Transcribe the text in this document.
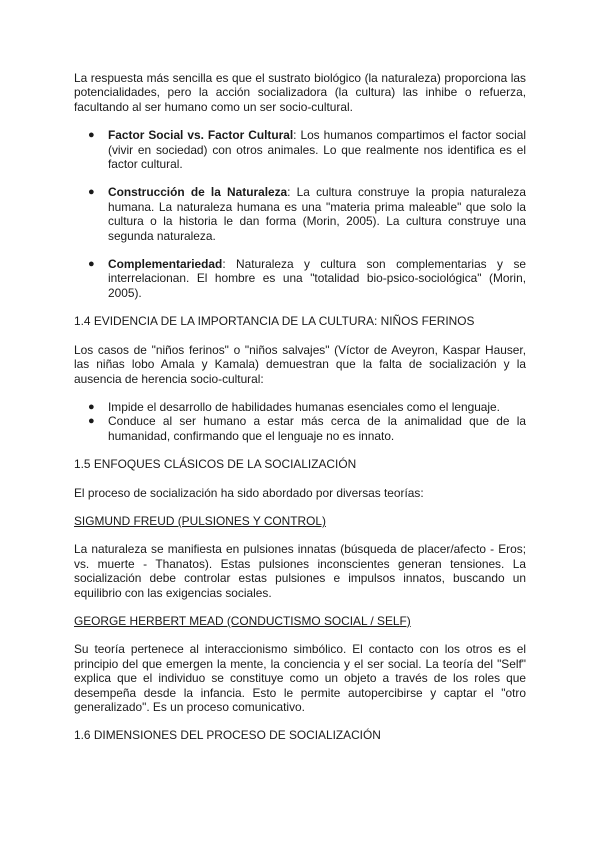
La respuesta más sencilla es que el sustrato biológico (la naturaleza) proporciona las potencialidades, pero la acción socializadora (la cultura) las inhibe o refuerza, facultando al ser humano como un ser socio-cultural.

● Factor Social vs. Factor Cultural: Los humanos compartimos el factor social (vivir en sociedad) con otros animales. Lo que realmente nos identifica es el factor cultural.
● Construcción de la Naturaleza: La cultura construye la propia naturaleza humana. La naturaleza humana es una "materia prima maleable" que solo la cultura o la historia le dan forma (Morin, 2005). La cultura construye una segunda naturaleza.
● Complementariedad: Naturaleza y cultura son complementarias y se interrelacionan. El hombre es una "totalidad bio-psico-sociológica" (Morin, 2005).

1.4 EVIDENCIA DE LA IMPORTANCIA DE LA CULTURA: NIÑOS FERINOS

Los casos de "niños ferinos" o "niños salvajes" (Víctor de Aveyron, Kaspar Hauser, las niñas lobo Amala y Kamala) demuestran que la falta de socialización y la ausencia de herencia socio-cultural:

● Impide el desarrollo de habilidades humanas esenciales como el lenguaje.
● Conduce al ser humano a estar más cerca de la animalidad que de la humanidad, confirmando que el lenguaje no es innato.

1.5 ENFOQUES CLÁSICOS DE LA SOCIALIZACIÓN

El proceso de socialización ha sido abordado por diversas teorías:

SIGMUND FREUD (PULSIONES Y CONTROL)

La naturaleza se manifiesta en pulsiones innatas (búsqueda de placer/afecto - Eros; vs. muerte - Thanatos). Estas pulsiones inconscientes generan tensiones. La socialización debe controlar estas pulsiones e impulsos innatos, buscando un equilibrio con las exigencias sociales.

GEORGE HERBERT MEAD (CONDUCTISMO SOCIAL / SELF)

Su teoría pertenece al interaccionismo simbólico. El contacto con los otros es el principio del que emergen la mente, la conciencia y el ser social. La teoría del "Self" explica que el individuo se constituye como un objeto a través de los roles que desempeña desde la infancia. Esto le permite autopercibirse y captar el "otro generalizado". Es un proceso comunicativo.

1.6 DIMENSIONES DEL PROCESO DE SOCIALIZACIÓN
